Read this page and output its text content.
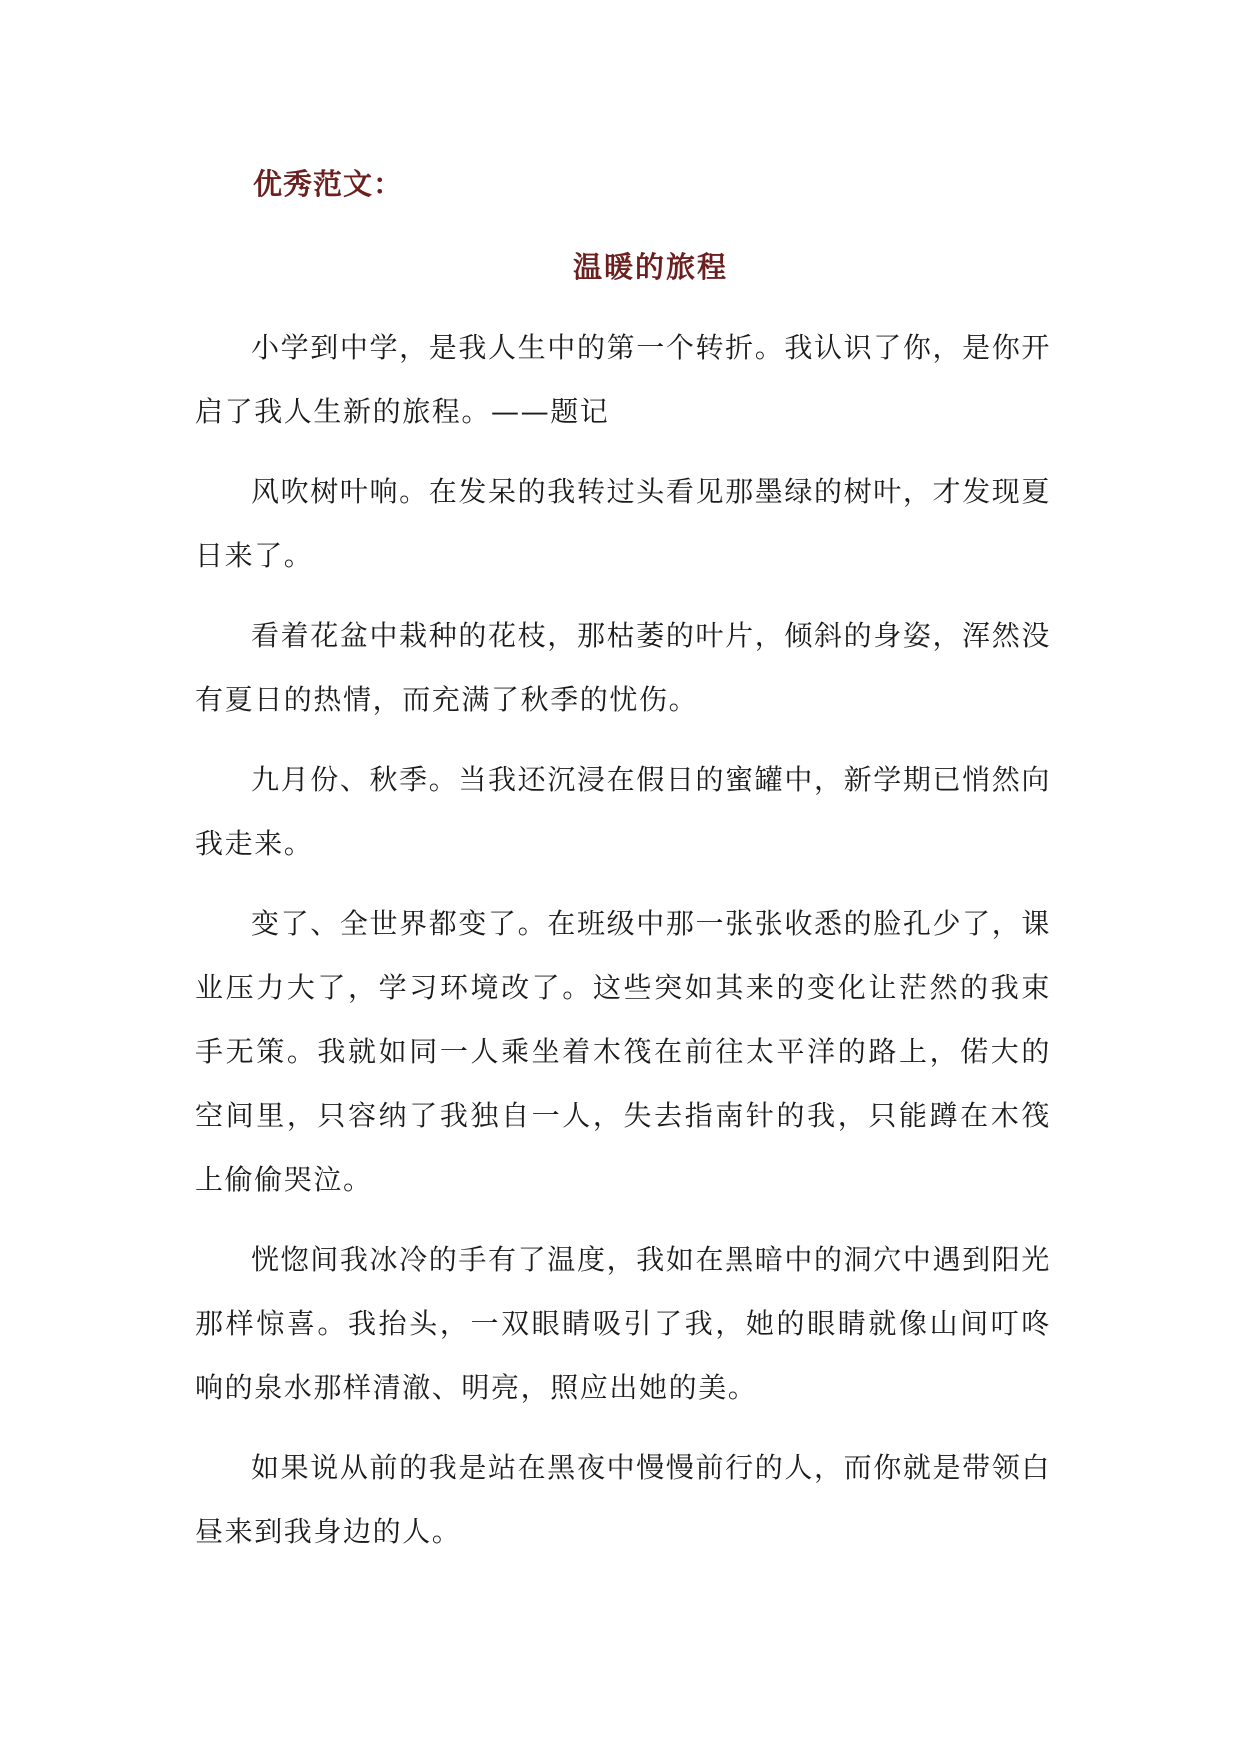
优秀范文：
温暖的旅程

小学到中学，是我人生中的第一个转折。我认识了你，是你开启了我人生新的旅程。——题记

风吹树叶响。在发呆的我转过头看见那墨绿的树叶，才发现夏日来了。

看着花盆中栽种的花枝，那枯萎的叶片，倾斜的身姿，浑然没有夏日的热情，而充满了秋季的忧伤。

九月份、秋季。当我还沉浸在假日的蜜罐中，新学期已悄然向我走来。

变了、全世界都变了。在班级中那一张张收悉的脸孔少了，课业压力大了，学习环境改了。这些突如其来的变化让茫然的我束手无策。我就如同一人乘坐着木筏在前往太平洋的路上，偌大的空间里，只容纳了我独自一人，失去指南针的我，只能蹲在木筏上偷偷哭泣。

恍惚间我冰冷的手有了温度，我如在黑暗中的洞穴中遇到阳光那样惊喜。我抬头，一双眼睛吸引了我，她的眼睛就像山间叮咚响的泉水那样清澈、明亮，照应出她的美。

如果说从前的我是站在黑夜中慢慢前行的人，而你就是带领白昼来到我身边的人。
